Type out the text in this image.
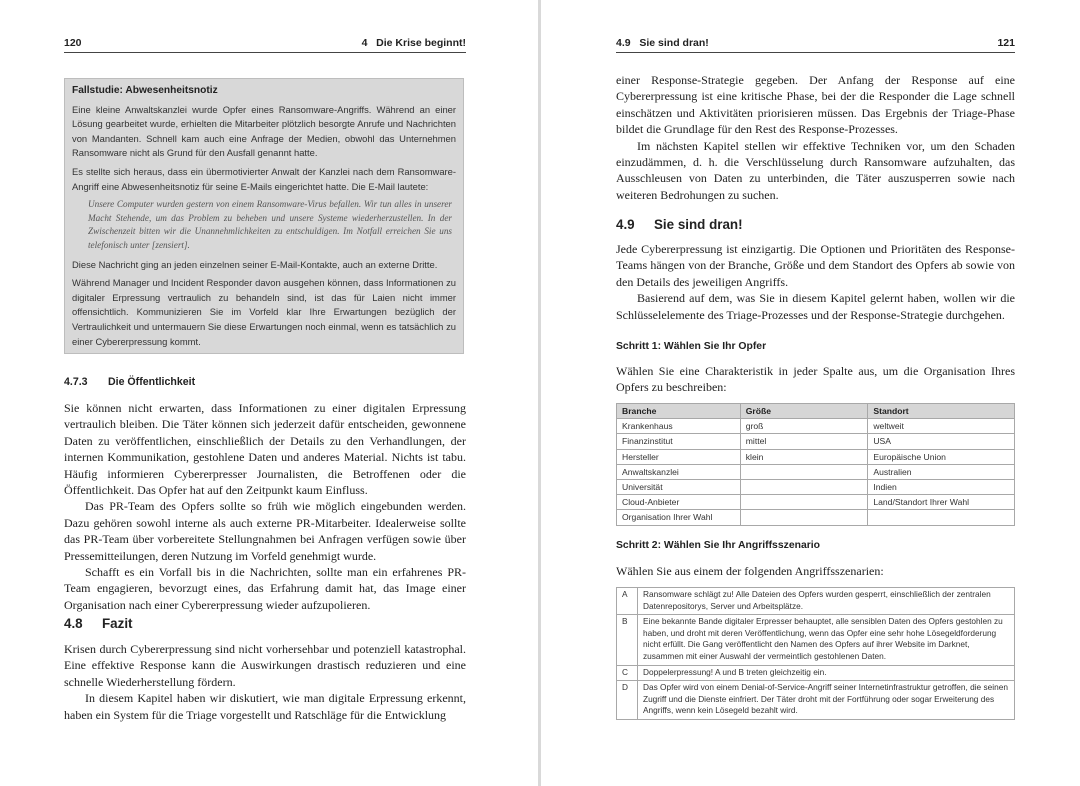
120	4   Die Krise beginnt!
Fallstudie: Abwesenheitsnotiz

Eine kleine Anwaltskanzlei wurde Opfer eines Ransomware-Angriffs. Während an einer Lösung gearbeitet wurde, erhielten die Mitarbeiter plötzlich besorgte Anrufe und Nachrichten von Mandanten. Schnell kam auch eine Anfrage der Medien, obwohl das Unternehmen Ransomware nicht als Grund für den Ausfall genannt hatte.

Es stellte sich heraus, dass ein übermotivierter Anwalt der Kanzlei nach dem Ransomware-Angriff eine Abwesenheitsnotiz für seine E-Mails eingerichtet hatte. Die E-Mail lautete:

Unsere Computer wurden gestern von einem Ransomware-Virus befallen. Wir tun alles in unserer Macht Stehende, um das Problem zu beheben und unsere Systeme wiederherzustellen. In der Zwischenzeit bitten wir die Unannehmlichkeiten zu entschuldigen. Im Notfall erreichen Sie uns telefonisch unter [zensiert].

Diese Nachricht ging an jeden einzelnen seiner E-Mail-Kontakte, auch an externe Dritte.

Während Manager und Incident Responder davon ausgehen können, dass Informationen zu digitaler Erpressung vertraulich zu behandeln sind, ist das für Laien nicht immer offensichtlich. Kommunizieren Sie im Vorfeld klar Ihre Erwartungen bezüglich der Vertraulichkeit und untermauern Sie diese Erwartungen noch einmal, wenn es tatsächlich zu einer Cybererpressung kommt.

4.7.3 Die Öffentlichkeit

Sie können nicht erwarten, dass Informationen zu einer digitalen Erpressung vertraulich bleiben. Die Täter können sich jederzeit dafür entscheiden, gewonnene Daten zu veröffentlichen, einschließlich der Details zu den Verhandlungen, der internen Kommunikation, gestohlene Daten und anderes Material. Nichts ist tabu. Häufig informieren Cybererpresser Journalisten, die Betroffenen oder die Öffentlichkeit. Das Opfer hat auf den Zeitpunkt kaum Einfluss.

Das PR-Team des Opfers sollte so früh wie möglich eingebunden werden. Dazu gehören sowohl interne als auch externe PR-Mitarbeiter. Idealerweise sollte das PR-Team über vorbereitete Stellungnahmen bei Anfragen verfügen sowie über Pressemitteilungen, deren Nutzung im Vorfeld genehmigt wurde.

Schafft es ein Vorfall bis in die Nachrichten, sollte man ein erfahrenes PR-Team engagieren, bevorzugt eines, das Erfahrung damit hat, das Image einer Organisation nach einer Cybererpressung wieder aufzupolieren.

4.8 Fazit

Krisen durch Cybererpressung sind nicht vorhersehbar und potenziell katastrophal. Eine effektive Response kann die Auswirkungen drastisch reduzieren und eine schnelle Wiederherstellung fördern.

In diesem Kapitel haben wir diskutiert, wie man digitale Erpressung erkennt, haben ein System für die Triage vorgestellt und Ratschläge für die Entwicklung

4.9   Sie sind dran!	121

einer Response-Strategie gegeben. Der Anfang der Response auf eine Cybererpressung ist eine kritische Phase, bei der die Responder die Lage schnell einschätzen und Aktivitäten priorisieren müssen. Das Ergebnis der Triage-Phase bildet die Grundlage für den Rest des Response-Prozesses.

Im nächsten Kapitel stellen wir effektive Techniken vor, um den Schaden einzudämmen, d. h. die Verschlüsselung durch Ransomware aufzuhalten, das Ausschleusen von Daten zu unterbinden, die Täter auszusperren sowie nach weiteren Bedrohungen zu suchen.

4.9 Sie sind dran!

Jede Cybererpressung ist einzigartig. Die Optionen und Prioritäten des Response-Teams hängen von der Branche, Größe und dem Standort des Opfers ab sowie von den Details des jeweiligen Angriffs.

Basierend auf dem, was Sie in diesem Kapitel gelernt haben, wollen wir die Schlüsselelemente des Triage-Prozesses und der Response-Strategie durchgehen.

Schritt 1: Wählen Sie Ihr Opfer

Wählen Sie eine Charakteristik in jeder Spalte aus, um die Organisation Ihres Opfers zu beschreiben:

Branche	Größe	Standort
Krankenhaus	groß	weltweit
Finanzinstitut	mittel	USA
Hersteller	klein	Europäische Union
Anwaltskanzlei		Australien
Universität		Indien
Cloud-Anbieter		Land/Standort Ihrer Wahl
Organisation Ihrer Wahl		
Schritt 2: Wählen Sie Ihr Angriffsszenario

Wählen Sie aus einem der folgenden Angriffsszenarien:

A	Ransomware schlägt zu! Alle Dateien des Opfers wurden gesperrt, einschließlich der zentralen Datenrepositorys, Server und Arbeitsplätze.
B	Eine bekannte Bande digitaler Erpresser behauptet, alle sensiblen Daten des Opfers gestohlen zu haben, und droht mit deren Veröffentlichung, wenn das Opfer eine sehr hohe Lösegeldforderung nicht erfüllt. Die Gang veröffentlicht den Namen des Opfers auf ihrer Website im Darknet, zusammen mit einer Auswahl der vermeintlich gestohlenen Daten.
C	Doppelerpressung! A und B treten gleichzeitig ein.
D	Das Opfer wird von einem Denial-of-Service-Angriff seiner Internetinfrastruktur getroffen, die seinen Zugriff und die Dienste einfriert. Der Täter droht mit der Fortführung oder sogar Erweiterung des Angriffs, wenn kein Lösegeld bezahlt wird.
